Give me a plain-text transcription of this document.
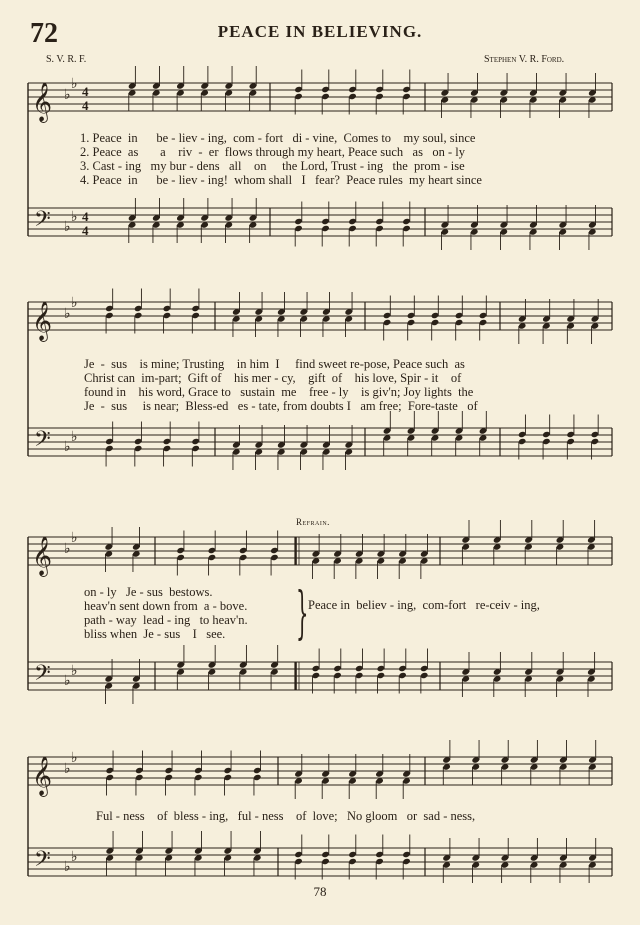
72	PEACE IN BELIEVING.
S. V. R. F.	Stephen V. R. Ford.
𝄞
𝄢
♭
♭
♭
♭
4
4
4
4
𝄞
𝄢
♭
♭
♭
♭
𝄞
𝄢
♭
♭
♭
♭
𝄞
𝄢
♭
♭
♭
♭
1. Peace  in      be - liev - ing,  com - fort   di - vine,  Comes to    my soul, since
2. Peace  as       a    riv  -  er  flows through my heart, Peace such   as   on - ly
3. Cast - ing   my bur - dens   all    on     the Lord, Trust - ing   the  prom - ise
4. Peace  in      be - liev - ing!  whom shall   I   fear?  Peace rules  my heart since
Je  -  sus    is mine; Trusting    in him  I     find sweet re-pose, Peace such  as
Christ can  im-part;  Gift of    his mer - cy,    gift  of    his love, Spir - it    of
found in    his word, Grace to   sustain  me    free - ly    is giv'n; Joy lights  the
Je  -  sus     is near;  Bless-ed   es - tate, from doubts I   am free;  Fore-taste   of
Refrain.
on - ly   Je - sus  bestows.
heav'n sent down from  a - bove.
path - way  lead - ing   to heav'n.
bliss when  Je - sus    I   see. } Peace in  believ - ing,  com-fort   re-ceiv - ing,
Ful - ness    of  bless - ing,   ful - ness    of  love;   No gloom   or  sad - ness,
78
